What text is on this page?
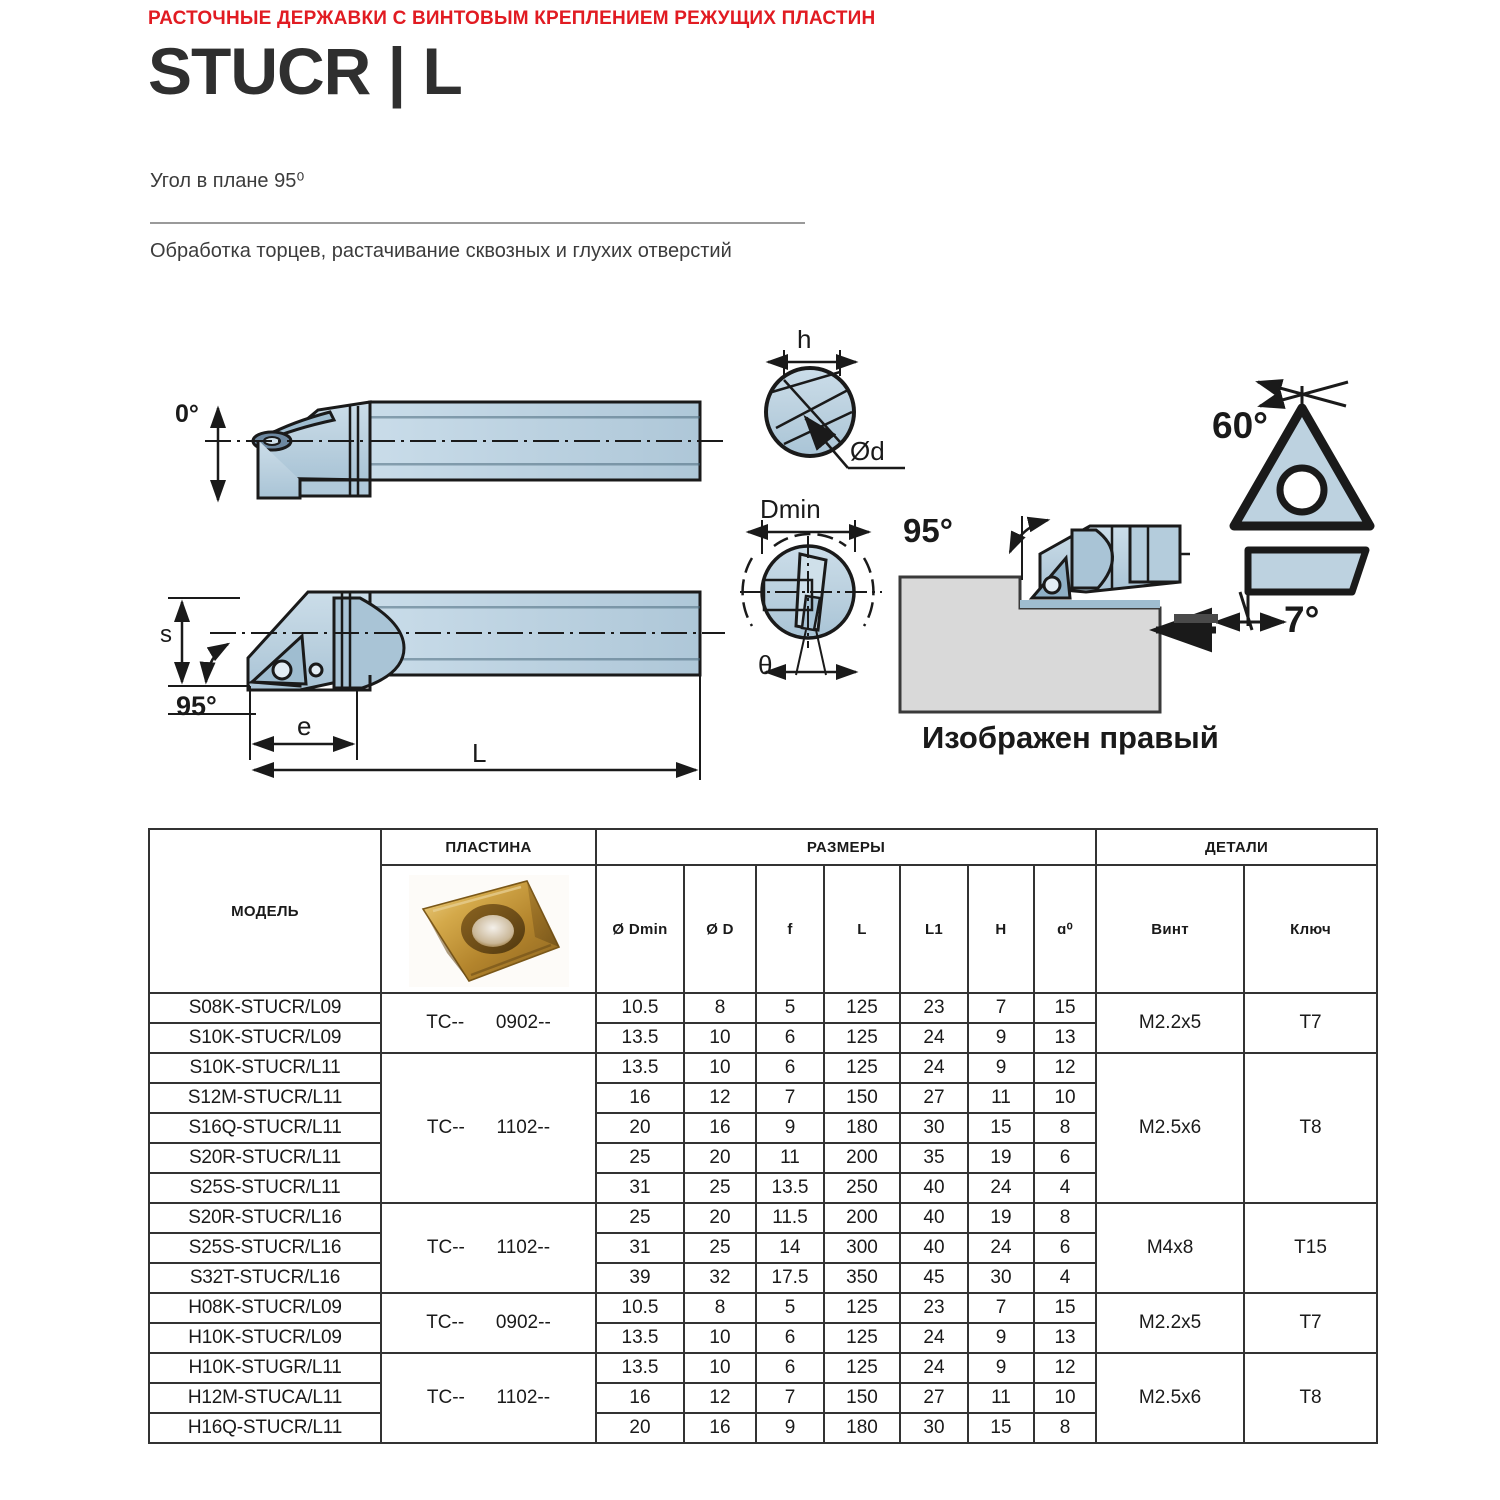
РАСТОЧНЫЕ ДЕРЖАВКИ С ВИНТОВЫМ КРЕПЛЕНИЕМ РЕЖУЩИХ ПЛАСТИН
STUCR | L
Угол в плане 95⁰
Обработка торцев, растачивание сквозных и глухих отверстий
0°
s
95°
e
L
h
Ød
Dmin
θ
95°
60°
7°
Изображен правый
МОДЕЛЬ	ПЛАСТИНА	РАЗМЕРЫ							ДЕТАЛИ	

		Ø Dmin	Ø D	f	L	L1	H	ɑ⁰	Винт	Ключ
S08K-STUCR/L09	TC--      0902--	10.5	8	5	125	23	7	15	M2.2x5	T7
S10K-STUCR/L09		13.5	10	6	125	24	9	13		
S10K-STUCR/L11	TC--      1102--	13.5	10	6	125	24	9	12	M2.5x6	T8
S12M-STUCR/L11		16	12	7	150	27	11	10		
S16Q-STUCR/L11		20	16	9	180	30	15	8		
S20R-STUCR/L11		25	20	11	200	35	19	6		
S25S-STUCR/L11		31	25	13.5	250	40	24	4		
S20R-STUCR/L16	TC--      1102--	25	20	11.5	200	40	19	8	M4x8	T15
S25S-STUCR/L16		31	25	14	300	40	24	6		
S32T-STUCR/L16		39	32	17.5	350	45	30	4		
H08K-STUCR/L09	TC--      0902--	10.5	8	5	125	23	7	15	M2.2x5	T7
H10K-STUCR/L09		13.5	10	6	125	24	9	13		
H10K-STUGR/L11	TC--      1102--	13.5	10	6	125	24	9	12	M2.5x6	T8
H12M-STUCA/L11		16	12	7	150	27	11	10		
H16Q-STUCR/L11		20	16	9	180	30	15	8		
